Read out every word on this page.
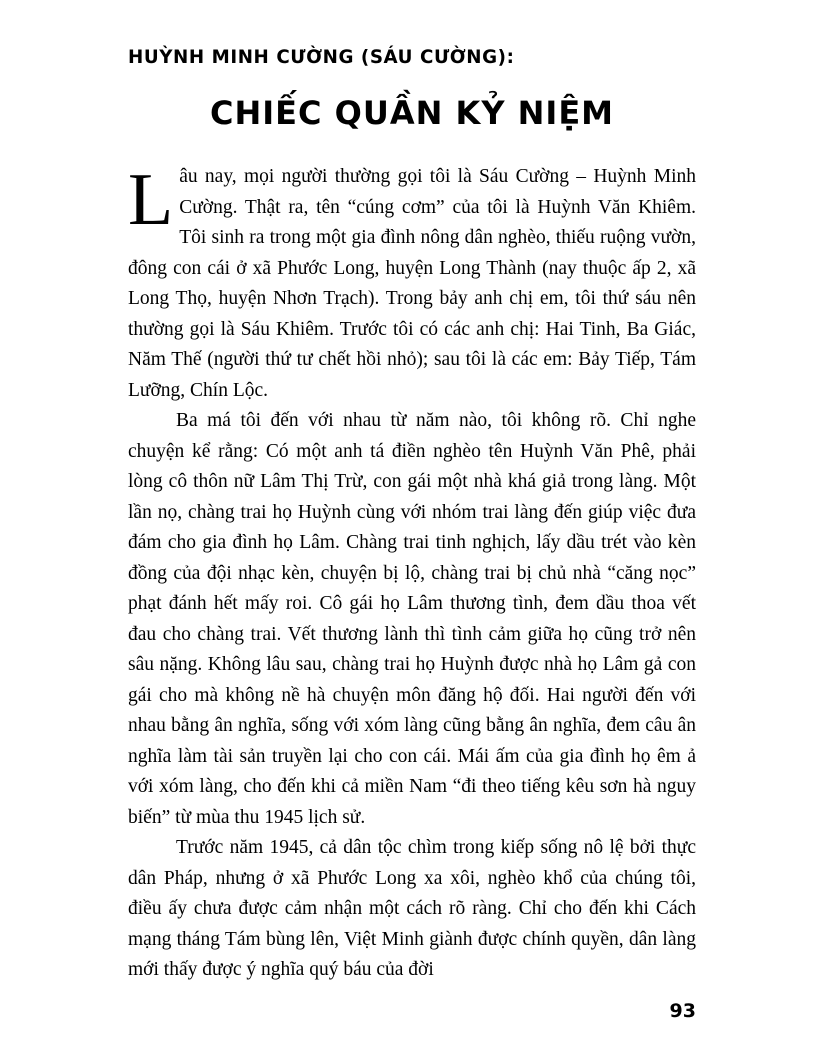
HUỲNH MINH CƯỜNG (SÁU CƯỜNG):
CHIẾC QUẦN KỶ NIỆM

Lâu nay, mọi người thường gọi tôi là Sáu Cường – Huỳnh Minh Cường. Thật ra, tên “cúng cơm” của tôi là Huỳnh Văn Khiêm. Tôi sinh ra trong một gia đình nông dân nghèo, thiếu ruộng vườn, đông con cái ở xã Phước Long, huyện Long Thành (nay thuộc ấp 2, xã Long Thọ, huyện Nhơn Trạch). Trong bảy anh chị em, tôi thứ sáu nên thường gọi là Sáu Khiêm. Trước tôi có các anh chị: Hai Tinh, Ba Giác, Năm Thế (người thứ tư chết hồi nhỏ); sau tôi là các em: Bảy Tiếp, Tám Lưỡng, Chín Lộc.

Ba má tôi đến với nhau từ năm nào, tôi không rõ. Chỉ nghe chuyện kể rằng: Có một anh tá điền nghèo tên Huỳnh Văn Phê, phải lòng cô thôn nữ Lâm Thị Trừ, con gái một nhà khá giả trong làng. Một lần nọ, chàng trai họ Huỳnh cùng với nhóm trai làng đến giúp việc đưa đám cho gia đình họ Lâm. Chàng trai tinh nghịch, lấy dầu trét vào kèn đồng của đội nhạc kèn, chuyện bị lộ, chàng trai bị chủ nhà “căng nọc” phạt đánh hết mấy roi. Cô gái họ Lâm thương tình, đem dầu thoa vết đau cho chàng trai. Vết thương lành thì tình cảm giữa họ cũng trở nên sâu nặng. Không lâu sau, chàng trai họ Huỳnh được nhà họ Lâm gả con gái cho mà không nề hà chuyện môn đăng hộ đối. Hai người đến với nhau bằng ân nghĩa, sống với xóm làng cũng bằng ân nghĩa, đem câu ân nghĩa làm tài sản truyền lại cho con cái. Mái ấm của gia đình họ êm ả với xóm làng, cho đến khi cả miền Nam “đi theo tiếng kêu sơn hà nguy biến” từ mùa thu 1945 lịch sử.

Trước năm 1945, cả dân tộc chìm trong kiếp sống nô lệ bởi thực dân Pháp, nhưng ở xã Phước Long xa xôi, nghèo khổ của chúng tôi, điều ấy chưa được cảm nhận một cách rõ ràng. Chỉ cho đến khi Cách mạng tháng Tám bùng lên, Việt Minh giành được chính quyền, dân làng mới thấy được ý nghĩa quý báu của đời

93
